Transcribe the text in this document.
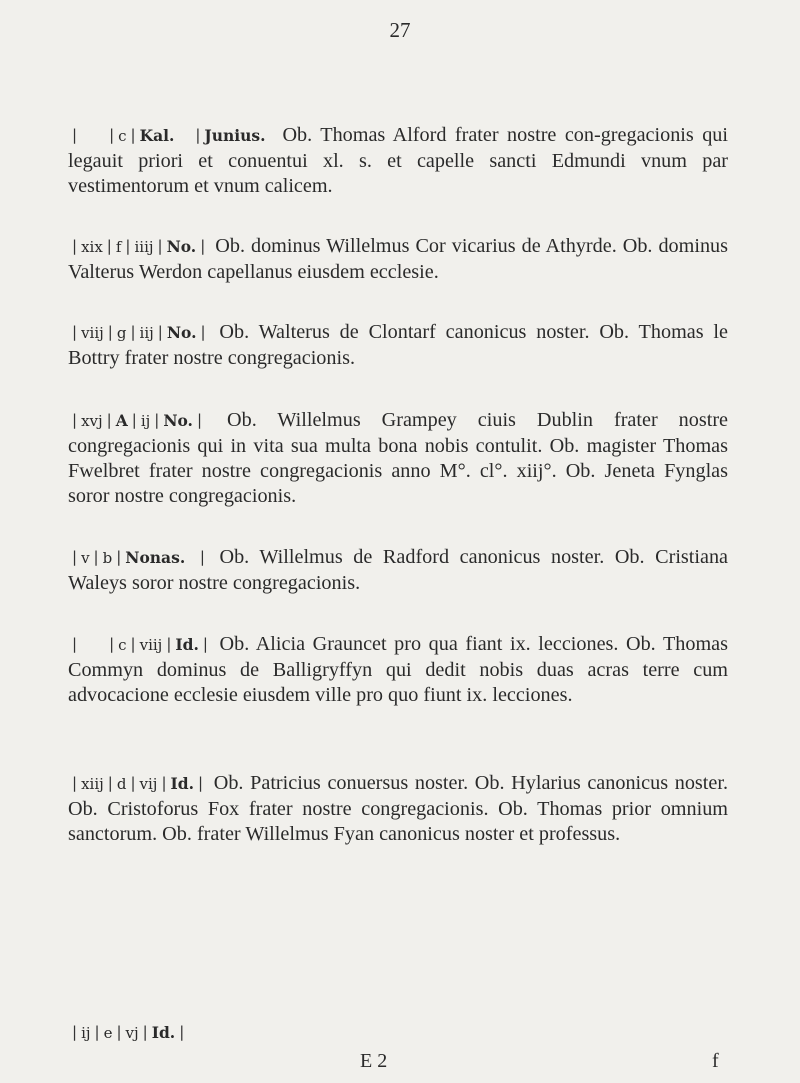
27
| | c | Kal. | Junius. Ob. Thomas Alford frater nostre con-gregacionis qui legauit priori et conuentui xl. s. et capelle sancti Edmundi vnum par vestimentorum et vnum calicem.
| xix | f | iiij | No. | Ob. dominus Willelmus Cor vicarius de Athyrde. Ob. dominus Valterus Werdon capellanus eiusdem ecclesie.
| viij | g | iij | No. | Ob. Walterus de Clontarf canonicus noster. Ob. Thomas le Bottry frater nostre congregacionis.
| xvj | A | ij | No. | Ob. Willelmus Grampey ciuis Dublin frater nostre congregacionis qui in vita sua multa bona nobis contulit. Ob. magister Thomas Fwelbret frater nostre congregacionis anno M°. cl°. xiij°. Ob. Jeneta Fynglas soror nostre congregacionis.
| v | b | Nonas. | Ob. Willelmus de Radford canonicus noster. Ob. Cristiana Waleys soror nostre congregacionis.
| | c | viij | Id. | Ob. Alicia Grauncet pro qua fiant ix. lecciones. Ob. Thomas Commyn dominus de Balligryffyn qui dedit nobis duas acras terre cum advocacione ecclesie eiusdem ville pro quo fiunt ix. lecciones.
| xiij | d | vij | Id. | Ob. Patricius conuersus noster. Ob. Hylarius canonicus noster. Ob. Cristoforus Fox frater nostre congregacionis. Ob. Thomas prior omnium sanctorum. Ob. frater Willelmus Fyan canonicus noster et professus.
| ij | e | vj | Id. |
E 2	f
